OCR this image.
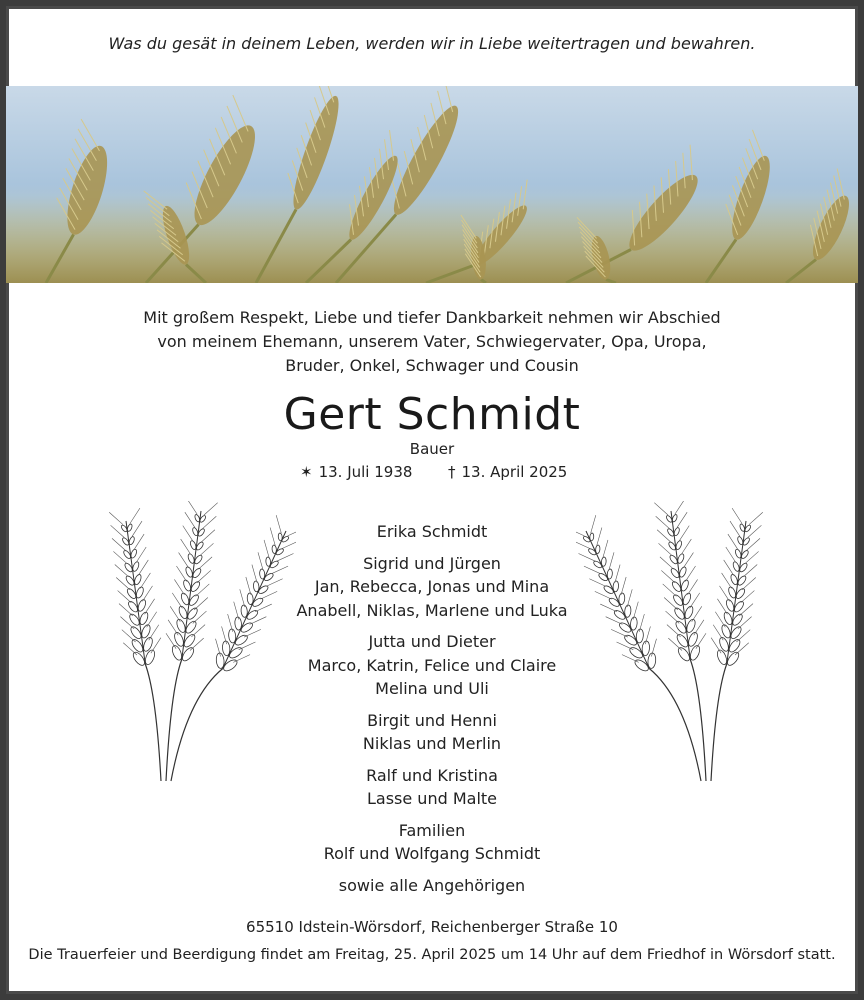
Was du gesät in deinem Leben, werden wir in Liebe weitertragen und bewahren.
Mit großem Respekt, Liebe und tiefer Dankbarkeit nehmen wir Abschied
von meinem Ehemann, unserem Vater, Schwiegervater, Opa, Uropa,
Bruder, Onkel, Schwager und Cousin
Gert Schmidt
Bauer
✶ 13. Juli 1938 † 13. April 2025
Erika Schmidt
Sigrid und Jürgen
Jan, Rebecca, Jonas und Mina
Anabell, Niklas, Marlene und Luka
Jutta und Dieter
Marco, Katrin, Felice und Claire
Melina und Uli
Birgit und Henni
Niklas und Merlin
Ralf und Kristina
Lasse und Malte
Familien
Rolf und Wolfgang Schmidt
sowie alle Angehörigen
65510 Idstein-Wörsdorf, Reichenberger Straße 10
Die Trauerfeier und Beerdigung findet am Freitag, 25. April 2025 um 14 Uhr auf dem Friedhof in Wörsdorf statt.
